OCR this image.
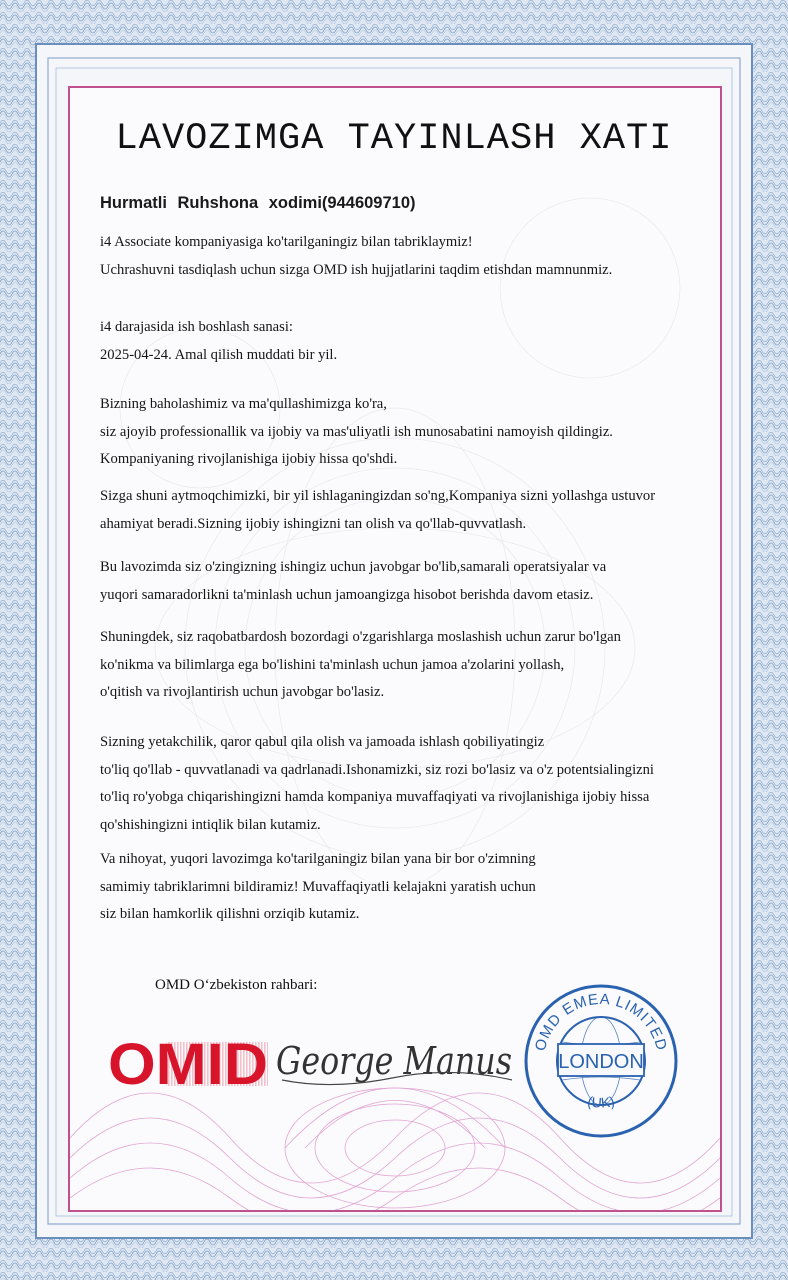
LAVOZIMGA TAYINLASH XATI
Hurmatli Ruhshona xodimi(944609710)
i4 Associate kompaniyasiga ko'tarilganingiz bilan tabriklaymiz!
Uchrashuvni tasdiqlash uchun sizga OMD ish hujjatlarini taqdim etishdan mamnunmiz.
i4 darajasida ish boshlash sanasi:
2025-04-24. Amal qilish muddati bir yil.
Bizning baholashimiz va ma'qullashimizga ko'ra,
siz ajoyib professionallik va ijobiy va mas'uliyatli ish munosabatini namoyish qildingiz.
Kompaniyaning rivojlanishiga ijobiy hissa qo'shdi.
Sizga shuni aytmoqchimizki, bir yil ishlaganingizdan so'ng,Kompaniya sizni yollashga ustuvor
ahamiyat beradi.Sizning ijobiy ishingizni tan olish va qo'llab-quvvatlash.
Bu lavozimda siz o'zingizning ishingiz uchun javobgar bo'lib,samarali operatsiyalar va
yuqori samaradorlikni ta'minlash uchun jamoangizga hisobot berishda davom etasiz.
Shuningdek, siz raqobatbardosh bozordagi o'zgarishlarga moslashish uchun zarur bo'lgan
ko'nikma va bilimlarga ega bo'lishini ta'minlash uchun jamoa a'zolarini yollash,
o'qitish va rivojlantirish uchun javobgar bo'lasiz.
Sizning yetakchilik, qaror qabul qila olish va jamoada ishlash qobiliyatingiz
to'liq qo'llab - quvvatlanadi va qadrlanadi.Ishonamizki, siz rozi bo'lasiz va o'z potentsialingizni
to'liq ro'yobga chiqarishingizni hamda kompaniya muvaffaqiyati va rivojlanishiga ijobiy hissa
qo'shishingizni intiqlik bilan kutamiz.
Va nihoyat, yuqori lavozimga ko'tarilganingiz bilan yana bir bor o'zimning
samimiy tabriklarimni bildiramiz! Muvaffaqiyatli kelajakni yaratish uchun
siz bilan hamkorlik qilishni orziqib kutamiz.
OMD O‘zbekiston rahbari:
OMID George Manus LONDON
OMD EMEA LIMITED
(UK)
